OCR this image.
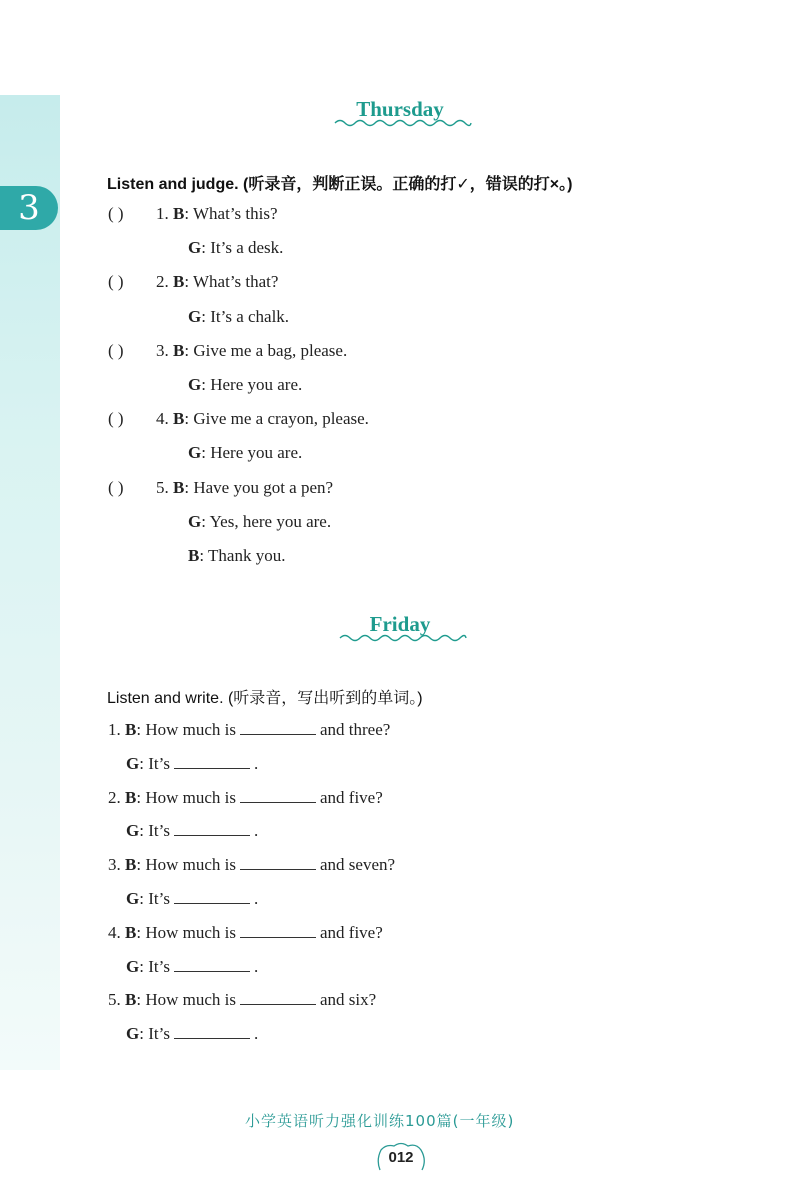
3
Thursday
Listen and judge. (听录音，判断正误。正确的打✓，错误的打×。)
( ) 1. B: What’s this?
G: It’s a desk.
( ) 2. B: What’s that?
G: It’s a chalk.
( ) 3. B: Give me a bag, please.
G: Here you are.
( ) 4. B: Give me a crayon, please.
G: Here you are.
( ) 5. B: Have you got a pen?
G: Yes, here you are.
B: Thank you.
Friday
Listen and write. (听录音，写出听到的单词。)
1. B: How much is	and three?
G: It’s	.
2. B: How much is	and five?
G: It’s	.
3. B: How much is	and seven?
G: It’s	.
4. B: How much is	and five?
G: It’s	.
5. B: How much is	and six?
G: It’s	.
小学英语听力强化训练100篇(一年级)
012
